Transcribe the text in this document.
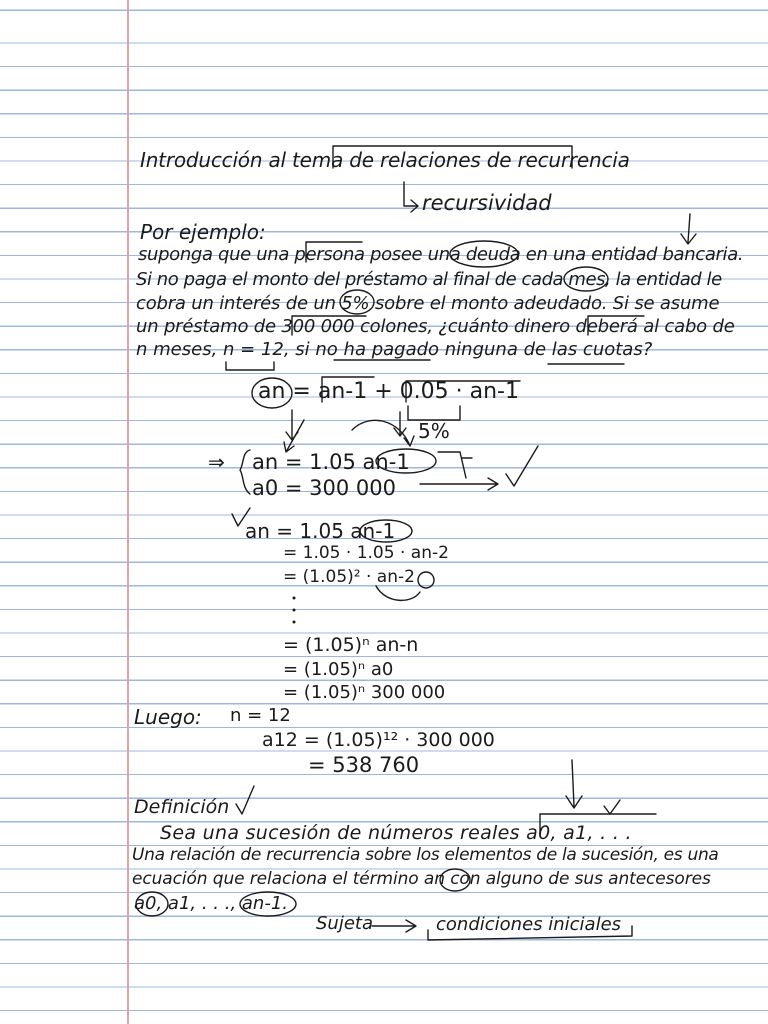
Introducción al tema de relaciones de recurrencia
recursividad
Por ejemplo:
suponga que una persona posee una deuda en una entidad bancaria.
Si no paga el monto del préstamo al final de cada mes, la entidad le
cobra un interés de un 5% sobre el monto adeudado. Si se asume
un préstamo de 300 000 colones, ¿cuánto dinero deberá al cabo de
n meses, n = 12, si no ha pagado ninguna de las cuotas?
an = an-1 + 0.05 · an-1
5%
⇒ an = 1.05 an-1
a0 = 300 000
an = 1.05 an-1
= 1.05 · 1.05 · an-2
= (1.05)² · an-2
= (1.05)ⁿ an-n
= (1.05)ⁿ a0
= (1.05)ⁿ 300 000
Luego: n = 12
a12 = (1.05)¹² · 300 000
= 538 760
Definición
Sea una sucesión de números reales a0, a1, . . .
Una relación de recurrencia sobre los elementos de la sucesión, es una
ecuación que relaciona el término an con alguno de sus antecesores
a0, a1, . . ., an-1.
Sujeta	condiciones iniciales
